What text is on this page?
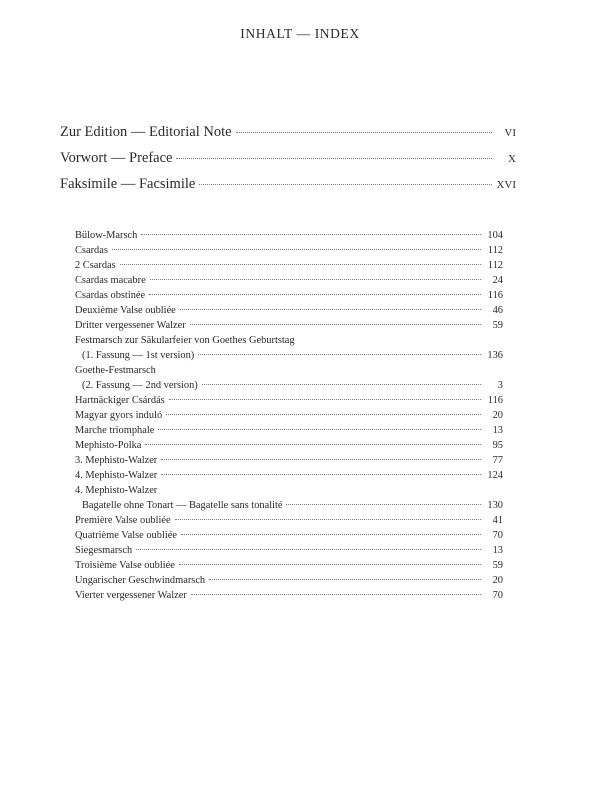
INHALT — INDEX
Zur Edition — Editorial Note	VI
Vorwort — Preface	X
Faksimile — Facsimile	XVI
Bülow-Marsch	104
Csardas	112
2 Csardas	112
Csardas macabre	24
Csardas obstinée	116
Deuxième Valse oubliée	46
Dritter vergessener Walzer	59
Festmarsch zur Säkularfeier von Goethes Geburtstag
(1. Fassung — 1st version)	136
Goethe-Festmarsch
(2. Fassung — 2nd version)	3
Hartnäckiger Csárdás	116
Magyar gyors induló	20
Marche triomphale	13
Mephisto-Polka	95
3. Mephisto-Walzer	77
4. Mephisto-Walzer	124
4. Mephisto-Walzer
Bagatelle ohne Tonart — Bagatelle sans tonalité	130
Première Valse oubliée	41
Quatrième Valse oubliée	70
Siegesmarsch	13
Troisième Valse oubliée	59
Ungarischer Geschwindmarsch	20
Vierter vergessener Walzer	70
